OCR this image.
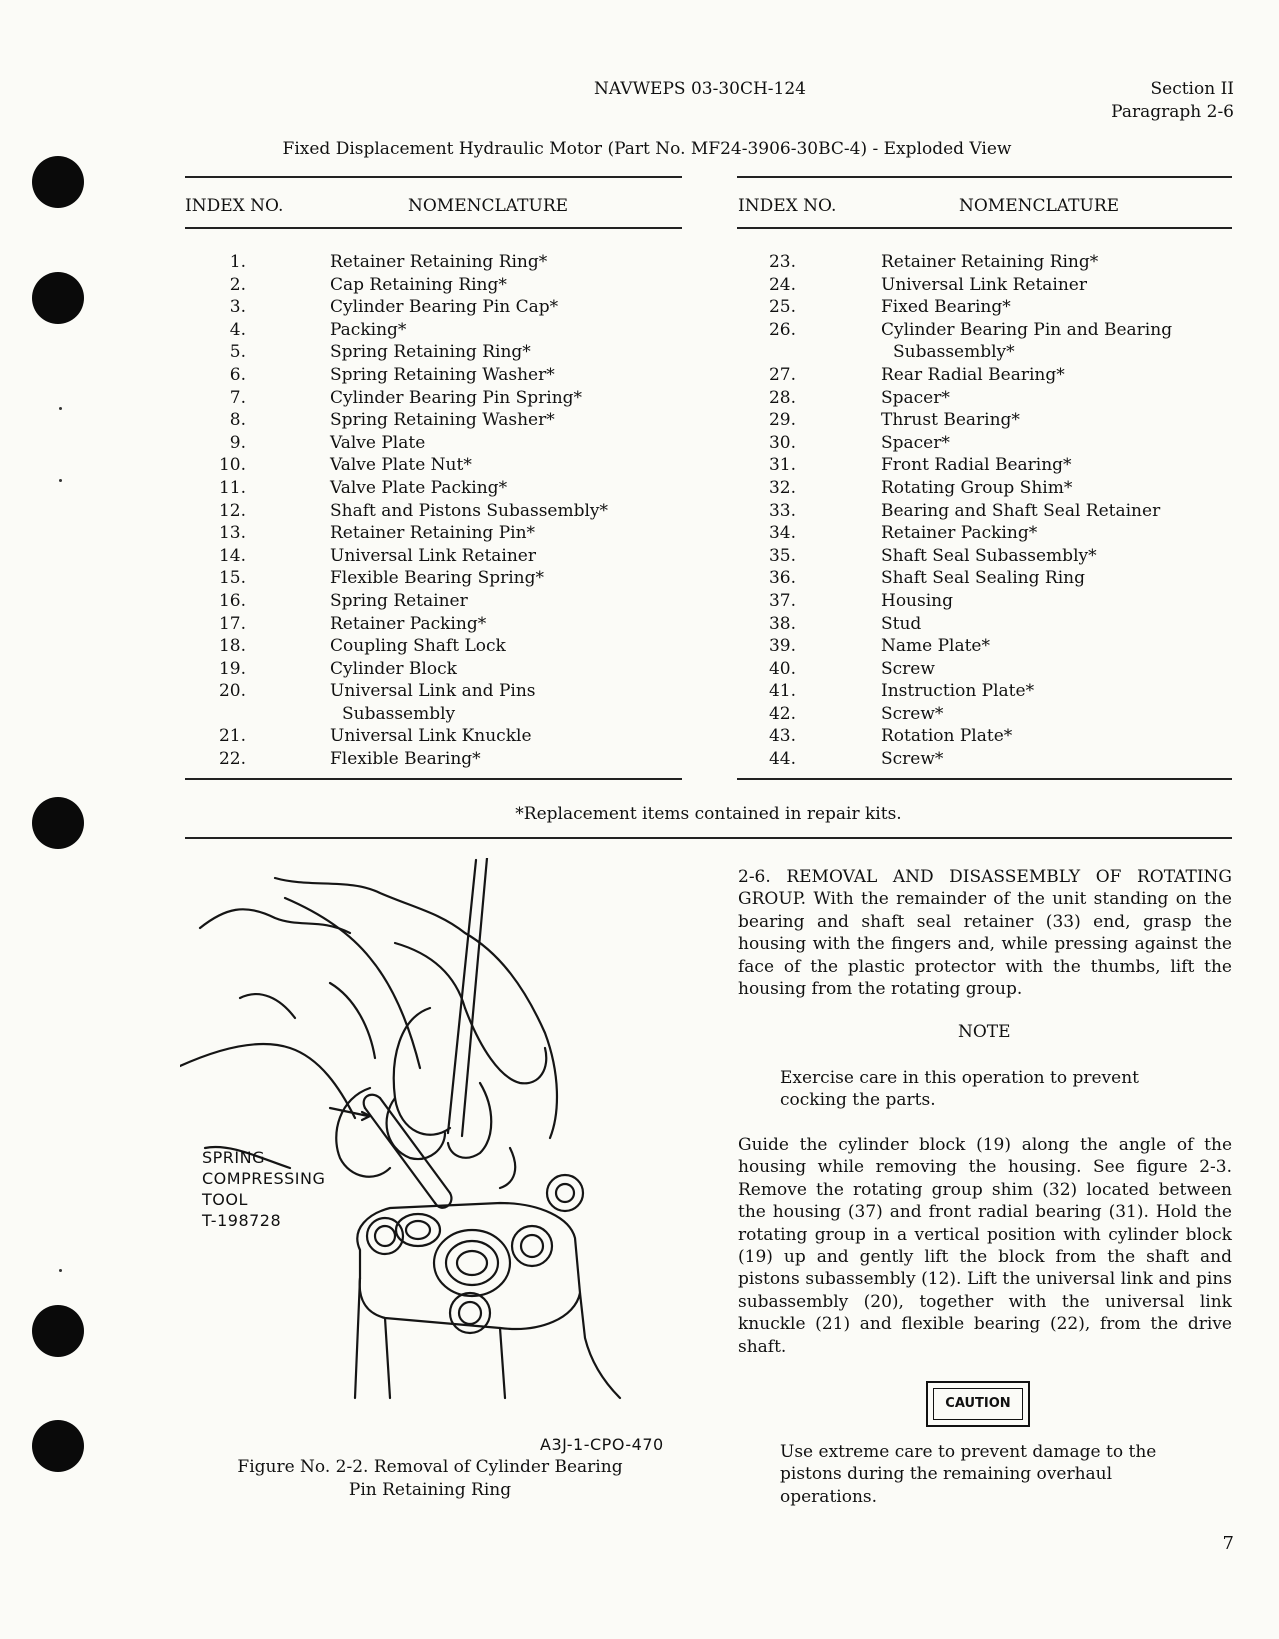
NAVWEPS 03-30CH-124	Section II
Paragraph 2-6
Fixed Displacement Hydraulic Motor (Part No. MF24-3906-30BC-4) - Exploded View
INDEX NO.	NOMENCLATURE	INDEX NO.	NOMENCLATURE
1.	Retainer Retaining Ring*
2.	Cap Retaining Ring*
3.	Cylinder Bearing Pin Cap*
4.	Packing*
5.	Spring Retaining Ring*
6.	Spring Retaining Washer*
7.	Cylinder Bearing Pin Spring*
8.	Spring Retaining Washer*
9.	Valve Plate
10.	Valve Plate Nut*
11.	Valve Plate Packing*
12.	Shaft and Pistons Subassembly*
13.	Retainer Retaining Pin*
14.	Universal Link Retainer
15.	Flexible Bearing Spring*
16.	Spring Retainer
17.	Retainer Packing*
18.	Coupling Shaft Lock
19.	Cylinder Block
20.	Universal Link and Pins
Subassembly
21.	Universal Link Knuckle
22.	Flexible Bearing*
23.	Retainer Retaining Ring*
24.	Universal Link Retainer
25.	Fixed Bearing*
26.	Cylinder Bearing Pin and Bearing
Subassembly*
27.	Rear Radial Bearing*
28.	Spacer*
29.	Thrust Bearing*
30.	Spacer*
31.	Front Radial Bearing*
32.	Rotating Group Shim*
33.	Bearing and Shaft Seal Retainer
34.	Retainer Packing*
35.	Shaft Seal Subassembly*
36.	Shaft Seal Sealing Ring
37.	Housing
38.	Stud
39.	Name Plate*
40.	Screw
41.	Instruction Plate*
42.	Screw*
43.	Rotation Plate*
44.	Screw*
*Replacement items contained in repair kits.
SPRING
COMPRESSING
TOOL
T-198728
A3J-1-CPO-470
Figure No. 2-2. Removal of Cylinder Bearing
Pin Retaining Ring
2-6. REMOVAL AND DISASSEMBLY OF ROTATING GROUP. With the remainder of the unit standing on the bearing and shaft seal retainer (33) end, grasp the housing with the fingers and, while pressing against the face of the plastic protector with the thumbs, lift the housing from the rotating group.
NOTE
Exercise care in this operation to prevent cocking the parts.
Guide the cylinder block (19) along the angle of the housing while removing the housing. See figure 2-3. Remove the rotating group shim (32) located between the housing (37) and front radial bearing (31). Hold the rotating group in a vertical position with cylinder block (19) up and gently lift the block from the shaft and pistons subassembly (12). Lift the universal link and pins subassembly (20), together with the universal link knuckle (21) and flexible bearing (22), from the drive shaft.
CAUTION
Use extreme care to prevent damage to the pistons during the remaining overhaul operations.
7
